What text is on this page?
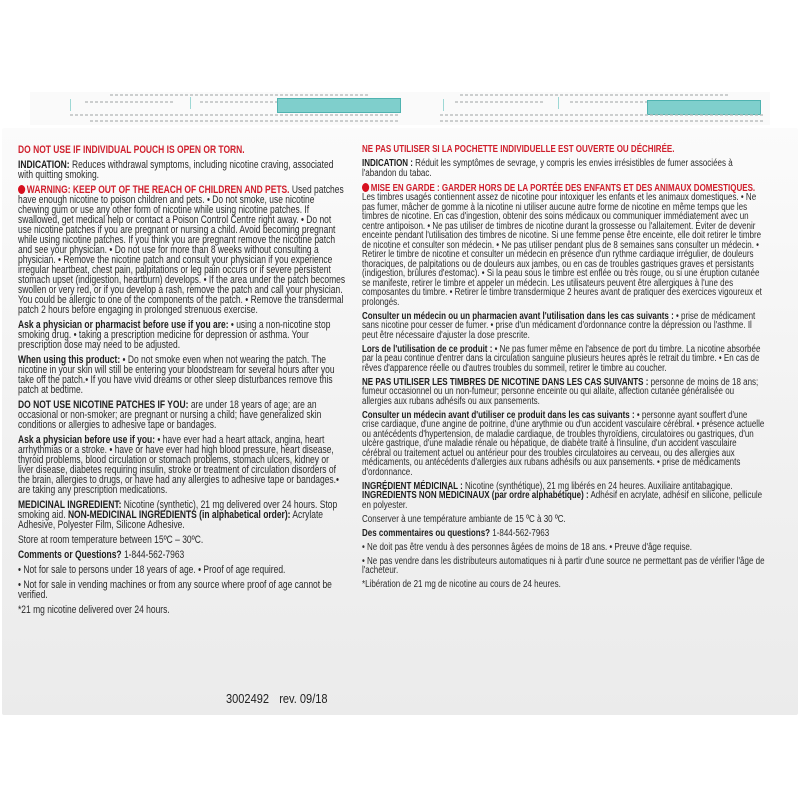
DO NOT USE IF INDIVIDUAL POUCH IS OPEN OR TORN.

INDICATION: Reduces withdrawal symptoms, including nicotine craving, associated with quitting smoking.

WARNING: KEEP OUT OF THE REACH OF CHILDREN AND PETS. Used patches have enough nicotine to poison children and pets. • Do not smoke, use nicotine chewing gum or use any other form of nicotine while using nicotine patches. If swallowed, get medical help or contact a Poison Control Centre right away. • Do not use nicotine patches if you are pregnant or nursing a child. Avoid becoming pregnant while using nicotine patches. If you think you are pregnant remove the nicotine patch and see your physician. • Do not use for more than 8 weeks without consulting a physician. • Remove the nicotine patch and consult your physician if you experience irregular heartbeat, chest pain, palpitations or leg pain occurs or if severe persistent stomach upset (indigestion, heartburn) develops. • If the area under the patch becomes swollen or very red, or if you develop a rash, remove the patch and call your physician. You could be allergic to one of the components of the patch. • Remove the transdermal patch 2 hours before engaging in prolonged strenuous exercise.

Ask a physician or pharmacist before use if you are: • using a non-nicotine stop smoking drug. • taking a prescription medicine for depression or asthma. Your prescription dose may need to be adjusted.

When using this product: • Do not smoke even when not wearing the patch. The nicotine in your skin will still be entering your bloodstream for several hours after you take off the patch.• If you have vivid dreams or other sleep disturbances remove this patch at bedtime.

DO NOT USE NICOTINE PATCHES IF YOU: are under 18 years of age; are an occasional or non-smoker; are pregnant or nursing a child; have generalized skin conditions or allergies to adhesive tape or bandages.

Ask a physician before use if you: • have ever had a heart attack, angina, heart arrhythmias or a stroke. • have or have ever had high blood pressure, heart disease, thyroid problems, blood circulation or stomach problems, stomach ulcers, kidney or liver disease, diabetes requiring insulin, stroke or treatment of circulation disorders of the brain, allergies to drugs, or have had any allergies to adhesive tape or bandages.• are taking any prescription medications.

MEDICINAL INGREDIENT: Nicotine (synthetic), 21 mg delivered over 24 hours. Stop smoking aid. NON-MEDICINAL INGREDIENTS (in alphabetical order): Acrylate Adhesive, Polyester Film, Silicone Adhesive.

Store at room temperature between 15ºC – 30ºC.

Comments or Questions? 1-844-562-7963

• Not for sale to persons under 18 years of age. • Proof of age required.

• Not for sale in vending machines or from any source where proof of age cannot be verified.

*21 mg nicotine delivered over 24 hours.

3002492 rev. 09/18

NE PAS UTILISER SI LA POCHETTE INDIVIDUELLE EST OUVERTE OU DÉCHIRÉE.

INDICATION : Réduit les symptômes de sevrage, y compris les envies irrésistibles de fumer associées à l'abandon du tabac.

MISE EN GARDE : GARDER HORS DE LA PORTÉE DES ENFANTS ET DES ANIMAUX DOMESTIQUES. Les timbres usagés contiennent assez de nicotine pour intoxiquer les enfants et les animaux domestiques. • Ne pas fumer, mâcher de gomme à la nicotine ni utiliser aucune autre forme de nicotine en même temps que les timbres de nicotine. En cas d'ingestion, obtenir des soins médicaux ou communiquer immédiatement avec un centre antipoison. • Ne pas utiliser de timbres de nicotine durant la grossesse ou l'allaitement. Éviter de devenir enceinte pendant l'utilisation des timbres de nicotine. Si une femme pense être enceinte, elle doit retirer le timbre de nicotine et consulter son médecin. • Ne pas utiliser pendant plus de 8 semaines sans consulter un médecin. • Retirer le timbre de nicotine et consulter un médecin en présence d'un rythme cardiaque irrégulier, de douleurs thoraciques, de palpitations ou de douleurs aux jambes, ou en cas de troubles gastriques graves et persistants (indigestion, brûlures d'estomac). • Si la peau sous le timbre est enflée ou très rouge, ou si une éruption cutanée se manifeste, retirer le timbre et appeler un médecin. Les utilisateurs peuvent être allergiques à l'une des composantes du timbre. • Retirer le timbre transdermique 2 heures avant de pratiquer des exercices vigoureux et prolongés.

Consulter un médecin ou un pharmacien avant l'utilisation dans les cas suivants : • prise de médicament sans nicotine pour cesser de fumer. • prise d'un médicament d'ordonnance contre la dépression ou l'asthme. Il peut être nécessaire d'ajuster la dose prescrite.

Lors de l'utilisation de ce produit : • Ne pas fumer même en l'absence de port du timbre. La nicotine absorbée par la peau continue d'entrer dans la circulation sanguine plusieurs heures après le retrait du timbre. • En cas de rêves d'apparence réelle ou d'autres troubles du sommeil, retirer le timbre au coucher.

NE PAS UTILISER LES TIMBRES DE NICOTINE DANS LES CAS SUIVANTS : personne de moins de 18 ans; fumeur occasionnel ou un non-fumeur; personne enceinte ou qui allaite, affection cutanée généralisée ou allergies aux rubans adhésifs ou aux pansements.

Consulter un médecin avant d'utiliser ce produit dans les cas suivants : • personne ayant souffert d'une crise cardiaque, d'une angine de poitrine, d'une arythmie ou d'un accident vasculaire cérébral. • présence actuelle ou antécédents d'hypertension, de maladie cardiaque, de troubles thyroïdiens, circulatoires ou gastriques, d'un ulcère gastrique, d'une maladie rénale ou hépatique, de diabète traité à l'insuline, d'un accident vasculaire cérébral ou traitement actuel ou antérieur pour des troubles circulatoires au cerveau, ou des allergies aux médicaments, ou antécédents d'allergies aux rubans adhésifs ou aux pansements. • prise de médicaments d'ordonnance.

INGRÉDIENT MÉDICINAL : Nicotine (synthétique), 21 mg libérés en 24 heures. Auxiliaire antitabagique.
INGRÉDIENTS NON MÉDICINAUX (par ordre alphabétique) : Adhésif en acrylate, adhésif en silicone, pellicule en polyester.

Conserver à une température ambiante de 15 ºC à 30 ºC.

Des commentaires ou questions? 1-844-562-7963

• Ne doit pas être vendu à des personnes âgées de moins de 18 ans. • Preuve d'âge requise.

• Ne pas vendre dans les distributeurs automatiques ni à partir d'une source ne permettant pas de vérifier l'âge de l'acheteur.

*Libération de 21 mg de nicotine au cours de 24 heures.
